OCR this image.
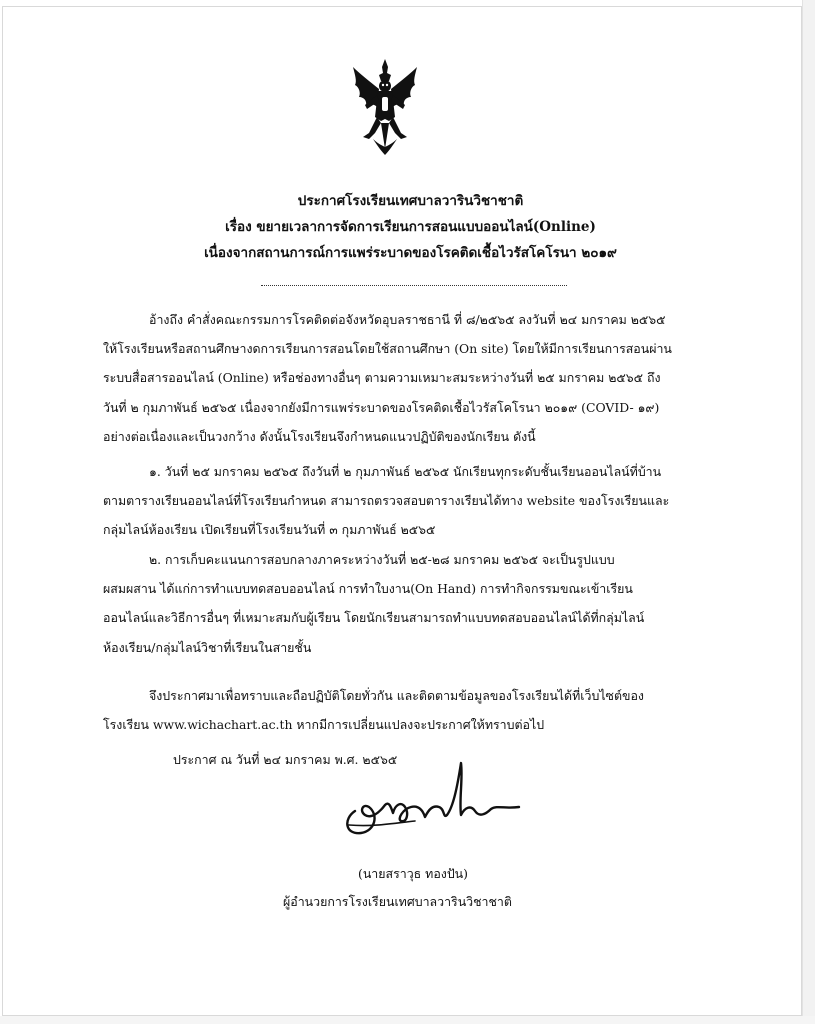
ประกาศโรงเรียนเทศบาลวารินวิชาชาติ
เรื่อง ขยายเวลาการจัดการเรียนการสอนแบบออนไลน์(Online)
เนื่องจากสถานการณ์การแพร่ระบาดของโรคติดเชื้อไวรัสโคโรนา ๒๐๑๙
อ้างถึง คำสั่งคณะกรรมการโรคติดต่อจังหวัดอุบลราชธานี ที่ ๘/๒๕๖๕ ลงวันที่ ๒๔ มกราคม ๒๕๖๕
ให้โรงเรียนหรือสถานศึกษางดการเรียนการสอนโดยใช้สถานศึกษา (On site) โดยให้มีการเรียนการสอนผ่าน
ระบบสื่อสารออนไลน์ (Online) หรือช่องทางอื่นๆ ตามความเหมาะสมระหว่างวันที่ ๒๕ มกราคม ๒๕๖๕ ถึง
วันที่ ๒ กุมภาพันธ์ ๒๕๖๕ เนื่องจากยังมีการแพร่ระบาดของโรคติดเชื้อไวรัสโคโรนา ๒๐๑๙ (COVID- ๑๙)
อย่างต่อเนื่องและเป็นวงกว้าง ดังนั้นโรงเรียนจึงกำหนดแนวปฏิบัติของนักเรียน ดังนี้
๑. วันที่ ๒๕ มกราคม ๒๕๖๕ ถึงวันที่ ๒ กุมภาพันธ์ ๒๕๖๕ นักเรียนทุกระดับชั้นเรียนออนไลน์ที่บ้าน
ตามตารางเรียนออนไลน์ที่โรงเรียนกำหนด สามารถตรวจสอบตารางเรียนได้ทาง website ของโรงเรียนและ
กลุ่มไลน์ห้องเรียน เปิดเรียนที่โรงเรียนวันที่ ๓ กุมภาพันธ์ ๒๕๖๕
๒. การเก็บคะแนนการสอบกลางภาคระหว่างวันที่ ๒๕-๒๘ มกราคม ๒๕๖๕ จะเป็นรูปแบบ
ผสมผสาน ได้แก่การทำแบบทดสอบออนไลน์ การทำใบงาน(On Hand) การทำกิจกรรมขณะเข้าเรียน
ออนไลน์และวิธีการอื่นๆ ที่เหมาะสมกับผู้เรียน โดยนักเรียนสามารถทำแบบทดสอบออนไลน์ได้ที่กลุ่มไลน์
ห้องเรียน/กลุ่มไลน์วิชาที่เรียนในสายชั้น
จึงประกาศมาเพื่อทราบและถือปฏิบัติโดยทั่วกัน และติดตามข้อมูลของโรงเรียนได้ที่เว็บไซต์ของ
โรงเรียน www.wichachart.ac.th หากมีการเปลี่ยนแปลงจะประกาศให้ทราบต่อไป
ประกาศ ณ วันที่ ๒๔ มกราคม พ.ศ. ๒๕๖๕
(นายสราวุธ ทองปัน)
ผู้อำนวยการโรงเรียนเทศบาลวารินวิชาชาติ
